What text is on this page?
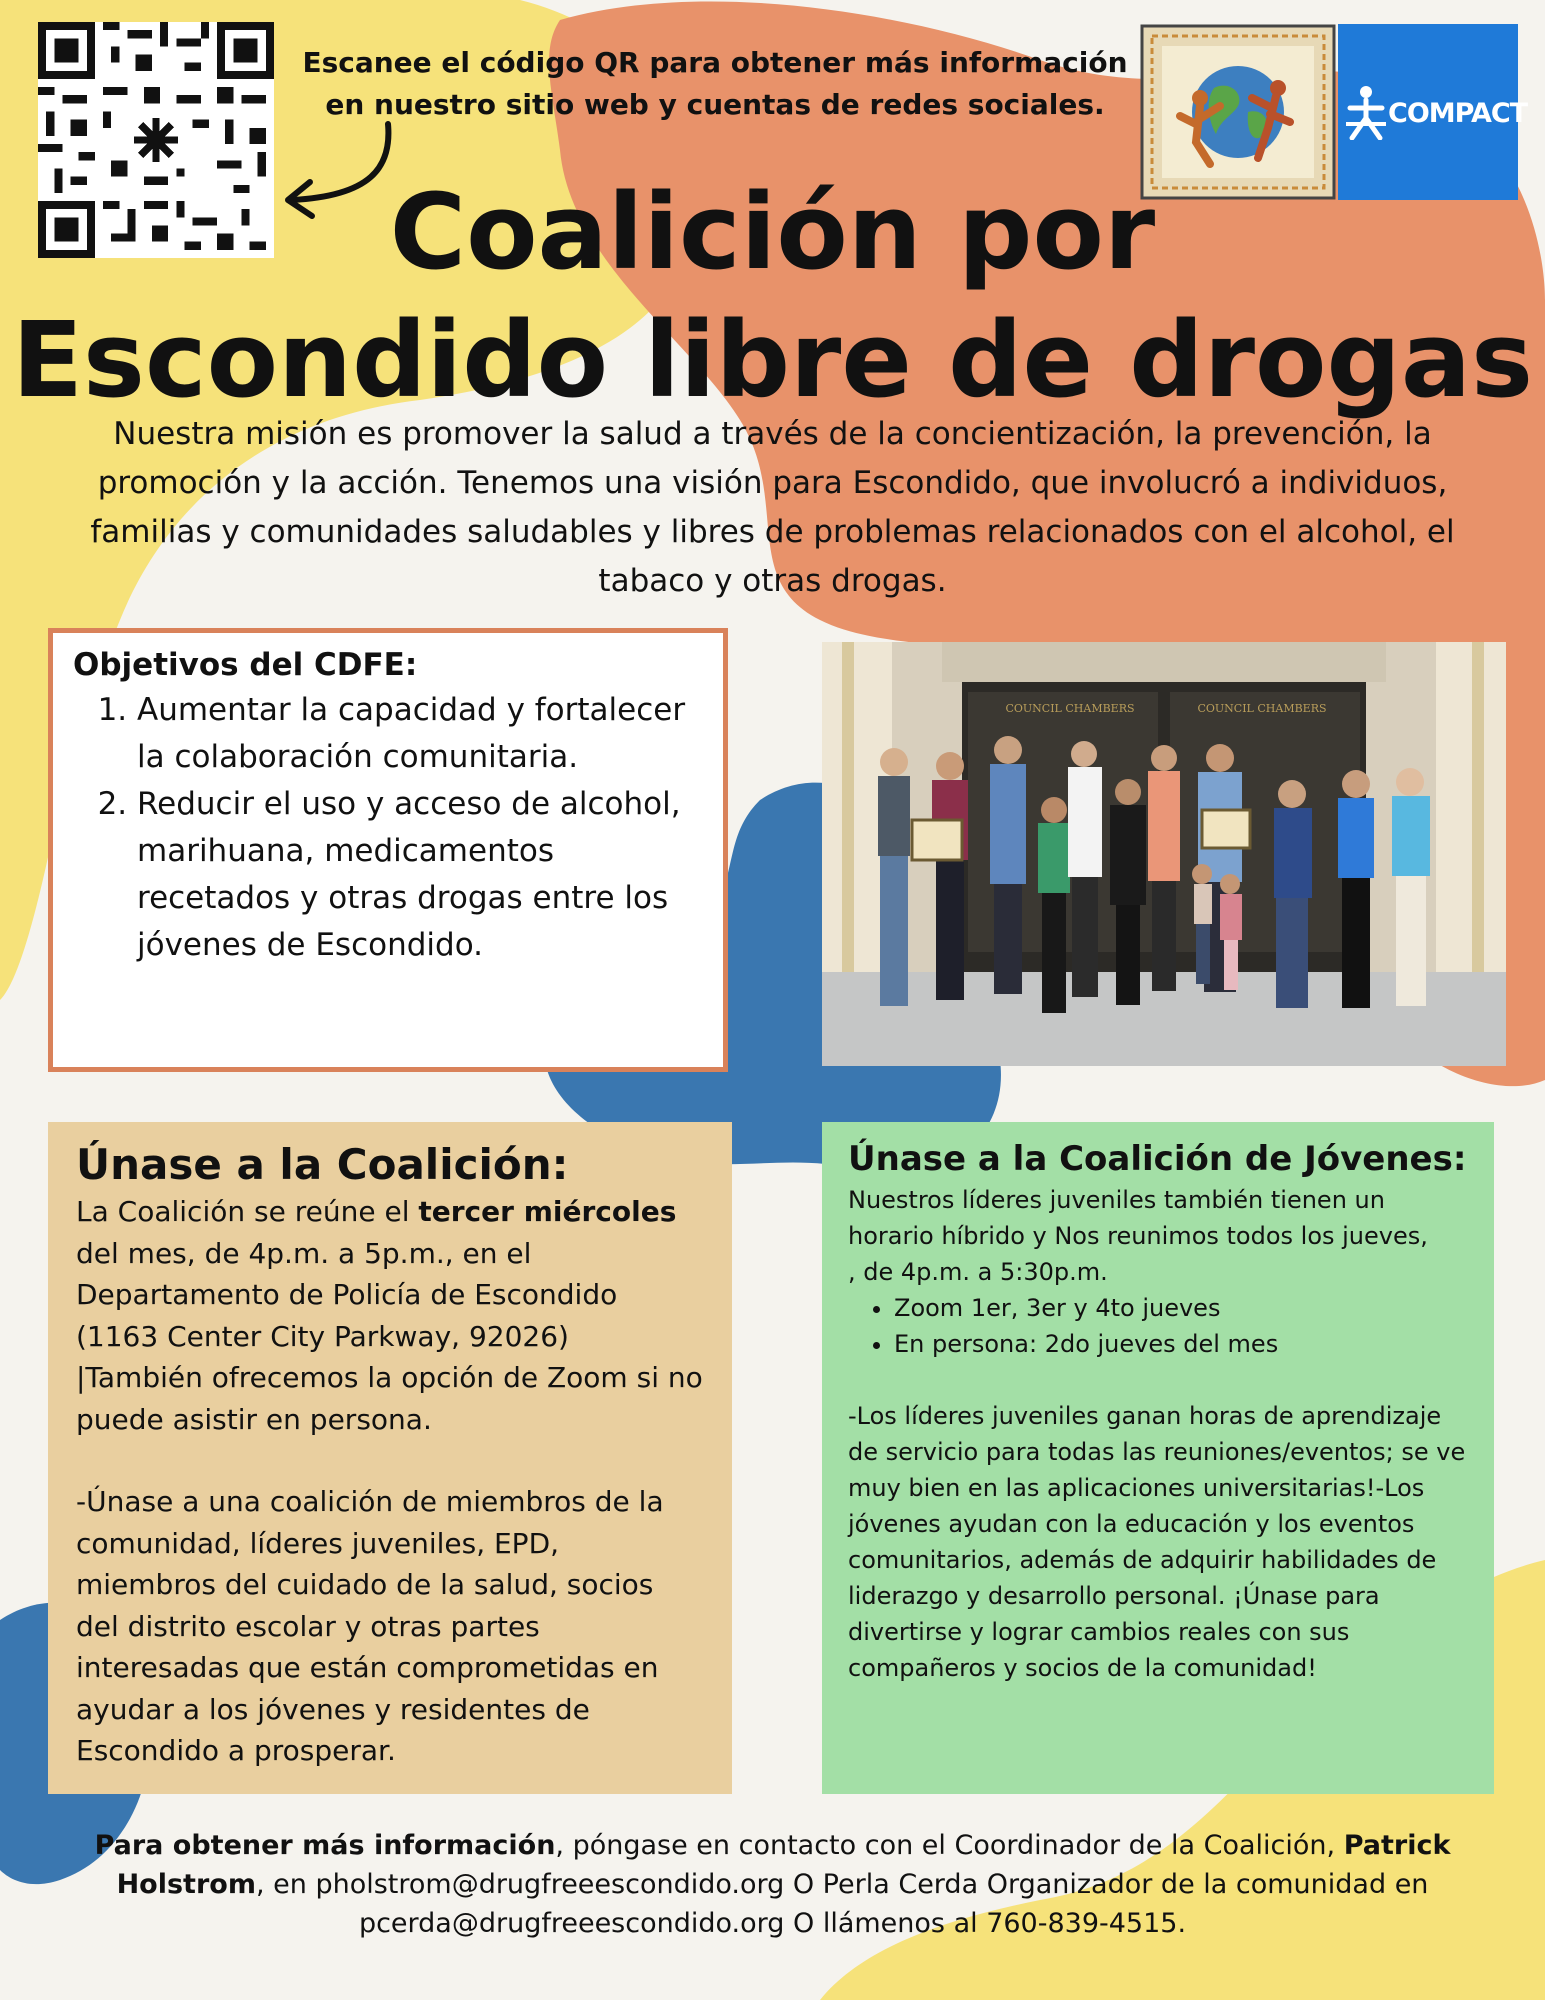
Escanee el código QR para obtener más información
en nuestro sitio web y cuentas de redes sociales.	COMPACT
Coalición por
Escondido libre de drogas
Nuestra misión es promover la salud a través de la concientización, la prevención, la promoción y la acción. Tenemos una visión para Escondido, que involucró a individuos, familias y comunidades saludables y libres de problemas relacionados con el alcohol, el tabaco y otras drogas.
Objetivos del CDFE:
1. Aumentar la capacidad y fortalecer la colaboración comunitaria.
2. Reducir el uso y acceso de alcohol, marihuana, medicamentos recetados y otras drogas entre los jóvenes de Escondido.
COUNCIL CHAMBERS	COUNCIL CHAMBERS
Únase a la Coalición:

La Coalición se reúne el tercer miércoles del mes, de 4p.m. a 5p.m., en el Departamento de Policía de Escondido (1163 Center City Parkway, 92026) |También ofrecemos la opción de Zoom si no puede asistir en persona.

-Únase a una coalición de miembros de la comunidad, líderes juveniles, EPD, miembros del cuidado de la salud, socios del distrito escolar y otras partes interesadas que están comprometidas en ayudar a los jóvenes y residentes de Escondido a prosperar.

Únase a la Coalición de Jóvenes:

Nuestros líderes juveniles también tienen un horario híbrido y Nos reunimos todos los jueves,

, de 4p.m. a 5:30p.m.

• Zoom 1er, 3er y 4to jueves
• En persona: 2do jueves del mes

-Los líderes juveniles ganan horas de aprendizaje de servicio para todas las reuniones/eventos; se ve muy bien en las aplicaciones universitarias!-Los jóvenes ayudan con la educación y los eventos comunitarios, además de adquirir habilidades de liderazgo y desarrollo personal. ¡Únase para divertirse y lograr cambios reales con sus compañeros y socios de la comunidad!

Para obtener más información, póngase en contacto con el Coordinador de la Coalición, Patrick Holstrom, en pholstrom@drugfreeescondido.org O Perla Cerda Organizador de la comunidad en pcerda@drugfreeescondido.org O llámenos al 760-839-4515.
